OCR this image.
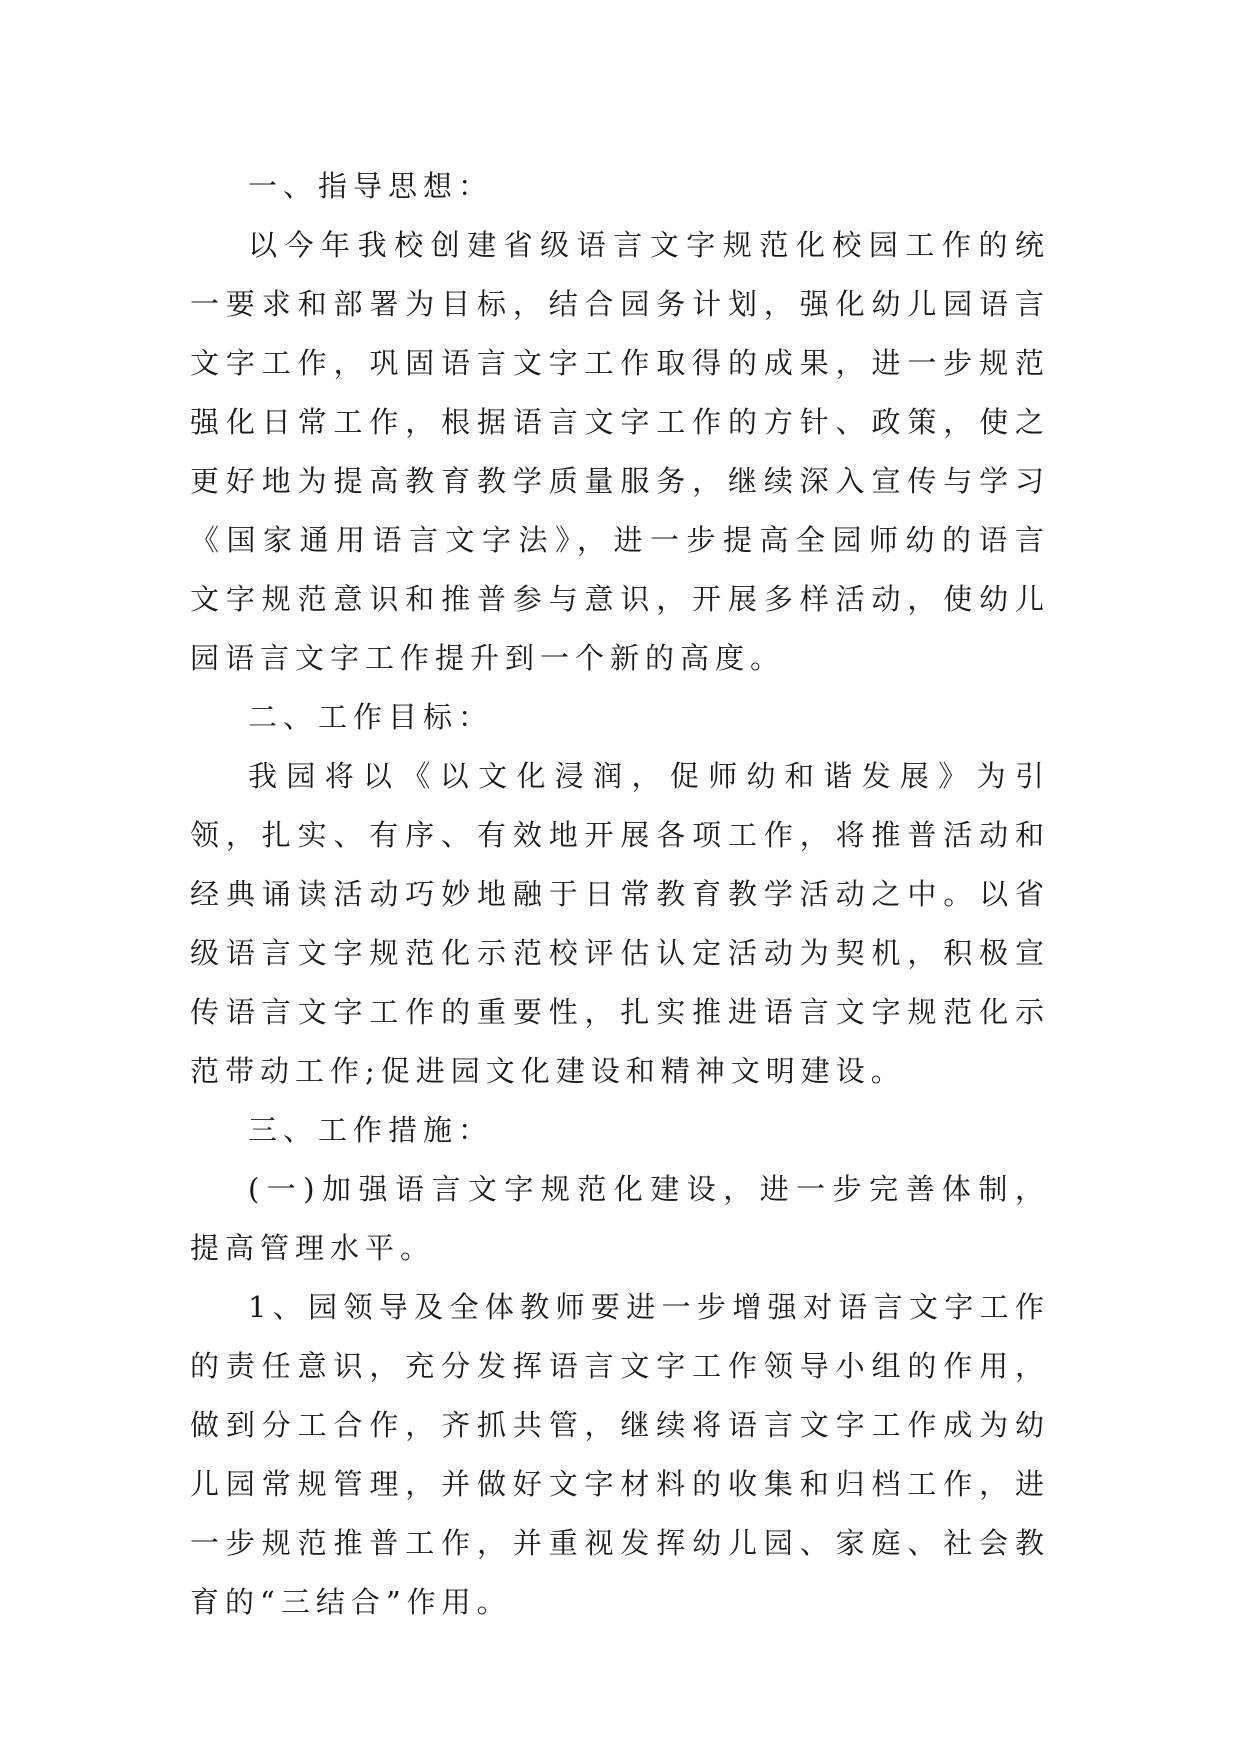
一、指导思想：

以今年我校创建省级语言文字规范化校园工作的统一要求和部署为目标，结合园务计划，强化幼儿园语言文字工作，巩固语言文字工作取得的成果，进一步规范强化日常工作，根据语言文字工作的方针、政策，使之更好地为提高教育教学质量服务，继续深入宣传与学习《国家通用语言文字法》，进一步提高全园师幼的语言文字规范意识和推普参与意识，开展多样活动，使幼儿园语言文字工作提升到一个新的高度。

二、工作目标：

我园将以《以文化浸润，促师幼和谐发展》为引领，扎实、有序、有效地开展各项工作，将推普活动和经典诵读活动巧妙地融于日常教育教学活动之中。以省级语言文字规范化示范校评估认定活动为契机，积极宣传语言文字工作的重要性，扎实推进语言文字规范化示范带动工作;促进园文化建设和精神文明建设。

三、工作措施：

(一)加强语言文字规范化建设，进一步完善体制，提高管理水平。

1、园领导及全体教师要进一步增强对语言文字工作的责任意识，充分发挥语言文字工作领导小组的作用，做到分工合作，齐抓共管，继续将语言文字工作成为幼儿园常规管理，并做好文字材料的收集和归档工作，进一步规范推普工作，并重视发挥幼儿园、家庭、社会教育的“三结合”作用。
